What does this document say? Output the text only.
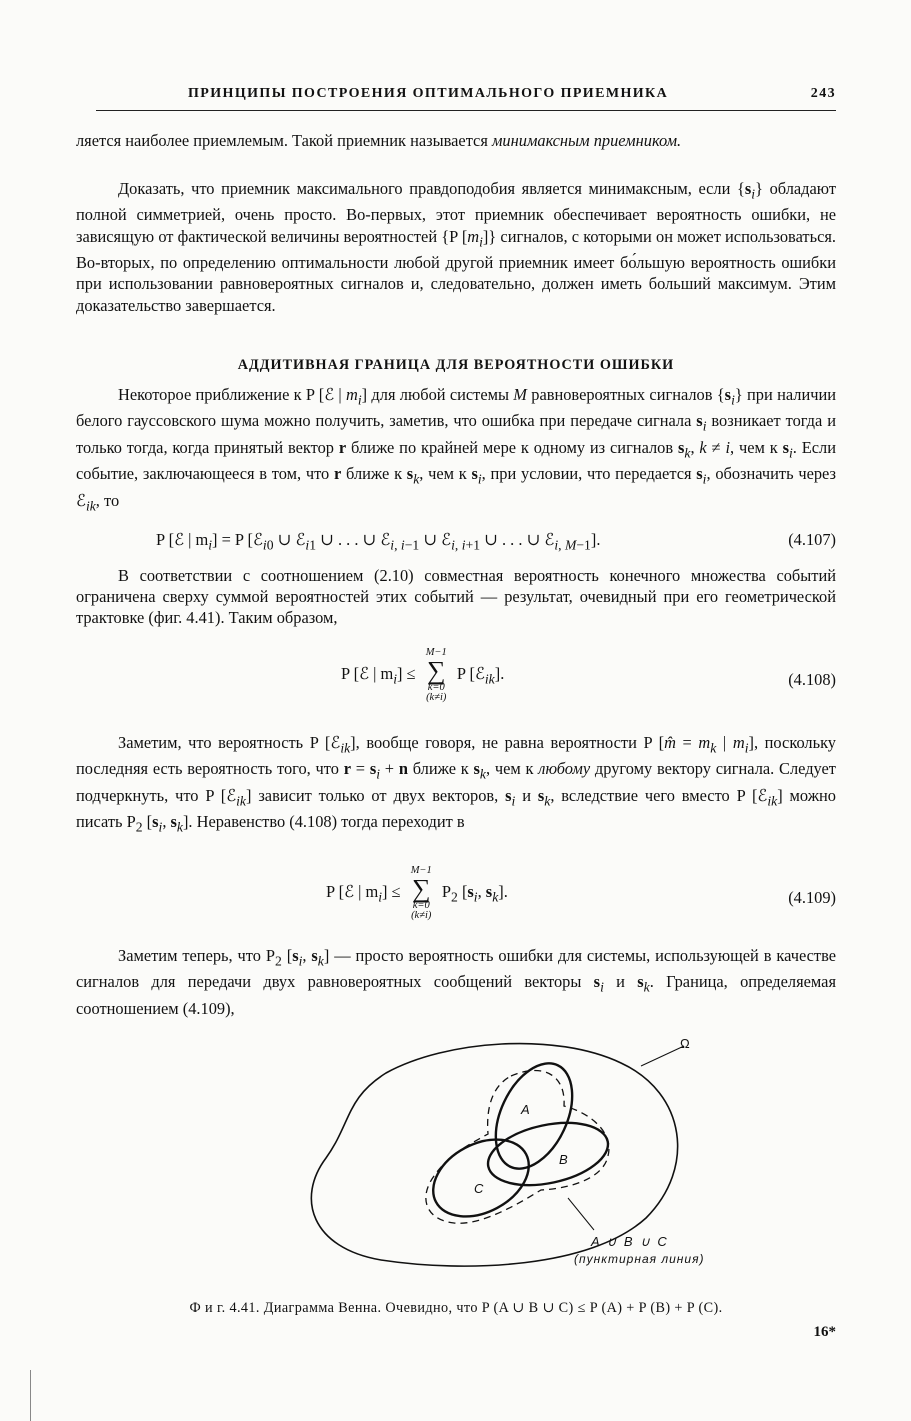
ПРИНЦИПЫ ПОСТРОЕНИЯ ОПТИМАЛЬНОГО ПРИЕМНИКА	243

ляется наиболее приемлемым. Такой приемник называется минимаксным приемником.

Доказать, что приемник максимального правдоподобия является минимаксным, если $\{s_i\}$ обладают полной симметрией, очень просто. Во-первых, этот приемник обеспечивает вероятность ошибки, не зависящую от фактической величины вероятностей {P $[m_i]$} сигналов, с которыми он может использоваться. Во-вторых, по определению оптимальности любой другой приемник имеет бо́льшую вероятность ошибки при использовании равновероятных сигналов и, следовательно, должен иметь больший максимум. Этим доказательство завершается.

АДДИТИВНАЯ ГРАНИЦА ДЛЯ ВЕРОЯТНОСТИ ОШИБКИ

Некоторое приближение к P [ℰ | $m_i$] для любой системы M равновероятных сигналов $\{s_i\}$ при наличии белого гауссовского шума можно получить, заметив, что ошибка при передаче сигнала $s_i$ возникает тогда и только тогда, когда принятый вектор r ближе по крайней мере к одному из сигналов $s_k$, k ≠ i, чем к $s_i$. Если событие, заключающееся в том, что r ближе к $s_k$, чем к $s_i$, при условии, что передается $s_i$, обозначить через ℰ$_{ik}$, то

P [ℰ | $m_i] = P$ [ℰ$_{i0}$ ∪ ℰ$_{i1}$ ∪ . . . ∪ ℰ$_{i, i-1}$ ∪ ℰ$_{i, i+1}$ ∪ . . . ∪ ℰ$_{i, M-1}$].	(4.107)

В соответствии с соотношением (2.10) совместная вероятность конечного множества событий ограничена сверху суммой вероятностей этих событий — результат, очевидный при его геометрической трактовке (фиг. 4.41). Таким образом,

P [ℰ | $m_i$] ≤
M−1
∑
k=0
(k≠i)
P [ℰ$_{ik}$].	(4.108)

Заметим, что вероятность P [ℰ$_{ik}$], вообще говоря, не равна вероятности P [m̂ = $m_k$ | $m_i$], поскольку последняя есть вероятность того, что $r = s_i + n$ ближе к $s_k$, чем к любому другому вектору сигнала. Следует подчеркнуть, что P [ℰ$_{ik}$] зависит только от двух векторов, $s_i$ и $s_k$, вследствие чего вместо P [ℰ$_{ik}$] можно писать $P_2$ [$s_i$, $s_k$]. Неравенство (4.108) тогда переходит в

P [ℰ | $m_i$] ≤
M−1
∑
k=0
(k≠i)
$P_2$ [$s_i$, $s_k$].	(4.109)

Заметим теперь, что $P_2$ [$s_i$, $s_k$] — просто вероятность ошибки для системы, использующей в качестве сигналов для передачи двух равновероятных сообщений векторы $s_i$ и $s_k$. Граница, определяемая соотношением (4.109),

Ω
A
B
C
A ∪ B ∪ C
(пунктирная линия)
Ф и г. 4.41. Диаграмма Венна. Очевидно, что P (A ∪ B ∪ C) ≤ P (A) + P (B) + P (C).
16*
